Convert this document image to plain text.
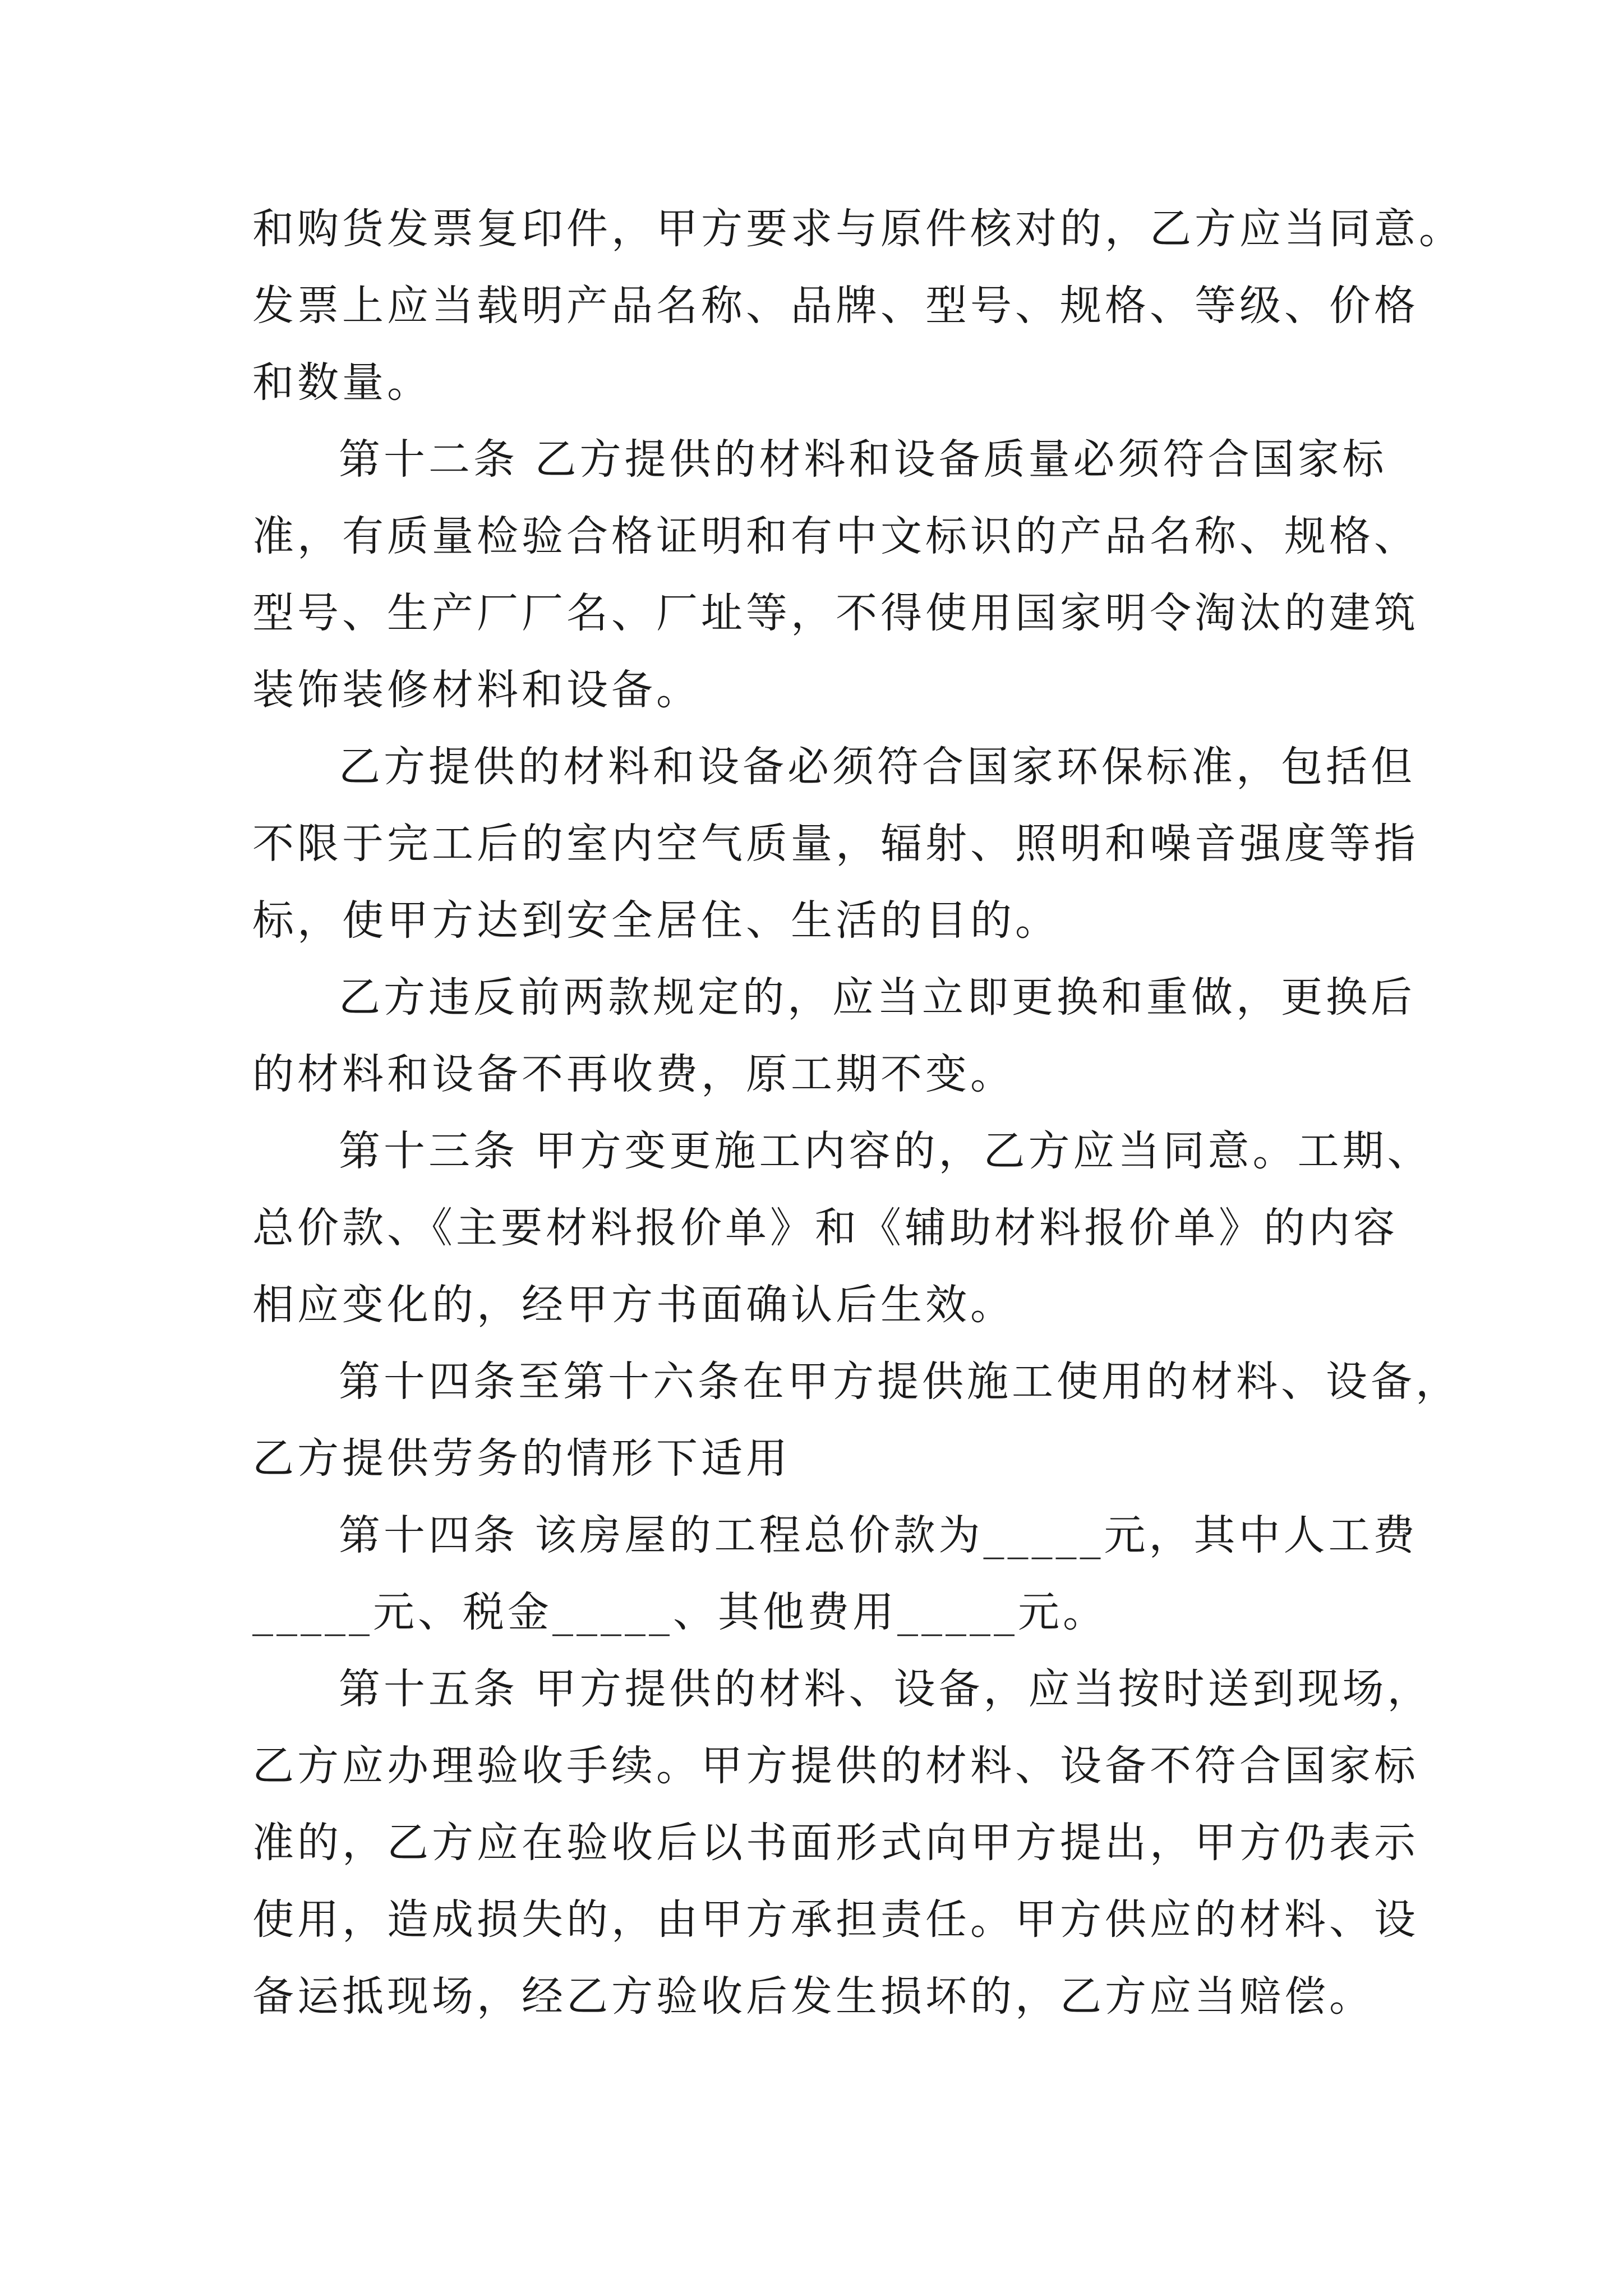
和购货发票复印件，甲方要求与原件核对的，乙方应当同意。
发票上应当载明产品名称、品牌、型号、规格、等级、价格
和数量。
第十二条 乙方提供的材料和设备质量必须符合国家标
准，有质量检验合格证明和有中文标识的产品名称、规格、
型号、生产厂厂名、厂址等，不得使用国家明令淘汰的建筑
装饰装修材料和设备。
乙方提供的材料和设备必须符合国家环保标准，包括但
不限于完工后的室内空气质量，辐射、照明和噪音强度等指
标，使甲方达到安全居住、生活的目的。
乙方违反前两款规定的，应当立即更换和重做，更换后
的材料和设备不再收费，原工期不变。
第十三条 甲方变更施工内容的，乙方应当同意。工期、
总价款、《主要材料报价单》和《辅助材料报价单》的内容
相应变化的，经甲方书面确认后生效。
第十四条至第十六条在甲方提供施工使用的材料、设备，
乙方提供劳务的情形下适用
第十四条 该房屋的工程总价款为_____元，其中人工费
_____元、税金_____、其他费用_____元。
第十五条 甲方提供的材料、设备，应当按时送到现场，
乙方应办理验收手续。甲方提供的材料、设备不符合国家标
准的，乙方应在验收后以书面形式向甲方提出，甲方仍表示
使用，造成损失的，由甲方承担责任。甲方供应的材料、设
备运抵现场，经乙方验收后发生损坏的，乙方应当赔偿。
